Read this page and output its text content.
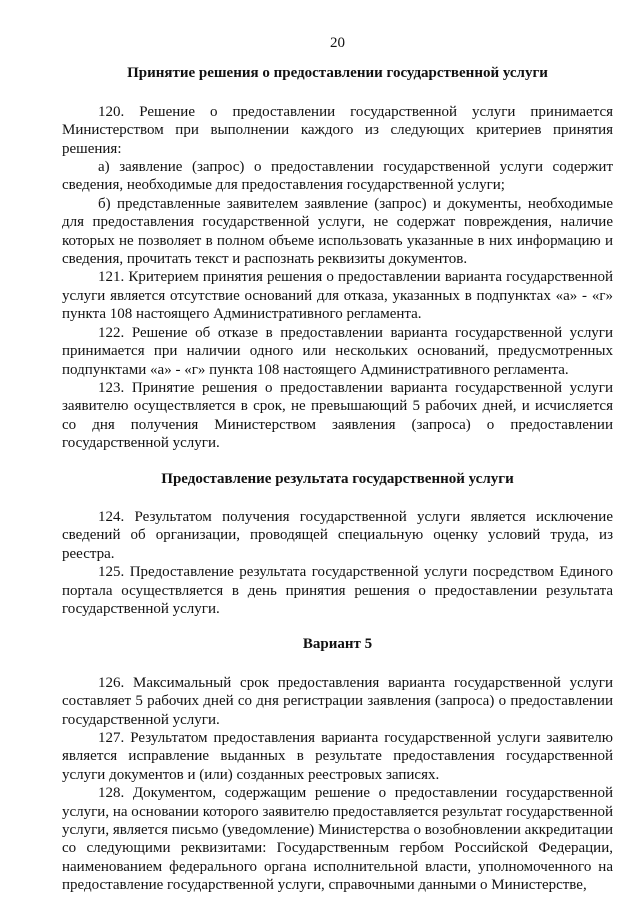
20
Принятие решения о предоставлении государственной услуги

120. Решение о предоставлении государственной услуги принимается Министерством при выполнении каждого из следующих критериев принятия решения:

а) заявление (запрос) о предоставлении государственной услуги содержит сведения, необходимые для предоставления государственной услуги;

б) представленные заявителем заявление (запрос) и документы, необходимые для предоставления государственной услуги, не содержат повреждения, наличие которых не позволяет в полном объеме использовать указанные в них информацию и сведения, прочитать текст и распознать реквизиты документов.

121. Критерием принятия решения о предоставлении варианта государственной услуги является отсутствие оснований для отказа, указанных в подпунктах «а» - «г» пункта 108 настоящего Административного регламента.

122. Решение об отказе в предоставлении варианта государственной услуги принимается при наличии одного или нескольких оснований, предусмотренных подпунктами «а» - «г» пункта 108 настоящего Административного регламента.

123. Принятие решения о предоставлении варианта государственной услуги заявителю осуществляется в срок, не превышающий 5 рабочих дней, и исчисляется со дня получения Министерством заявления (запроса) о предоставлении государственной услуги.

Предоставление результата государственной услуги

124. Результатом получения государственной услуги является исключение сведений об организации, проводящей специальную оценку условий труда, из реестра.

125. Предоставление результата государственной услуги посредством Единого портала осуществляется в день принятия решения о предоставлении результата государственной услуги.

Вариант 5

126. Максимальный срок предоставления варианта государственной услуги составляет 5 рабочих дней со дня регистрации заявления (запроса) о предоставлении государственной услуги.

127. Результатом предоставления варианта государственной услуги заявителю является исправление выданных в результате предоставления государственной услуги документов и (или) созданных реестровых записях.

128. Документом, содержащим решение о предоставлении государственной услуги, на основании которого заявителю предоставляется результат государственной услуги, является письмо (уведомление) Министерства о возобновлении аккредитации со следующими реквизитами: Государственным гербом Российской Федерации, наименованием федерального органа исполнительной власти, уполномоченного на предоставление государственной услуги, справочными данными о Министерстве,
